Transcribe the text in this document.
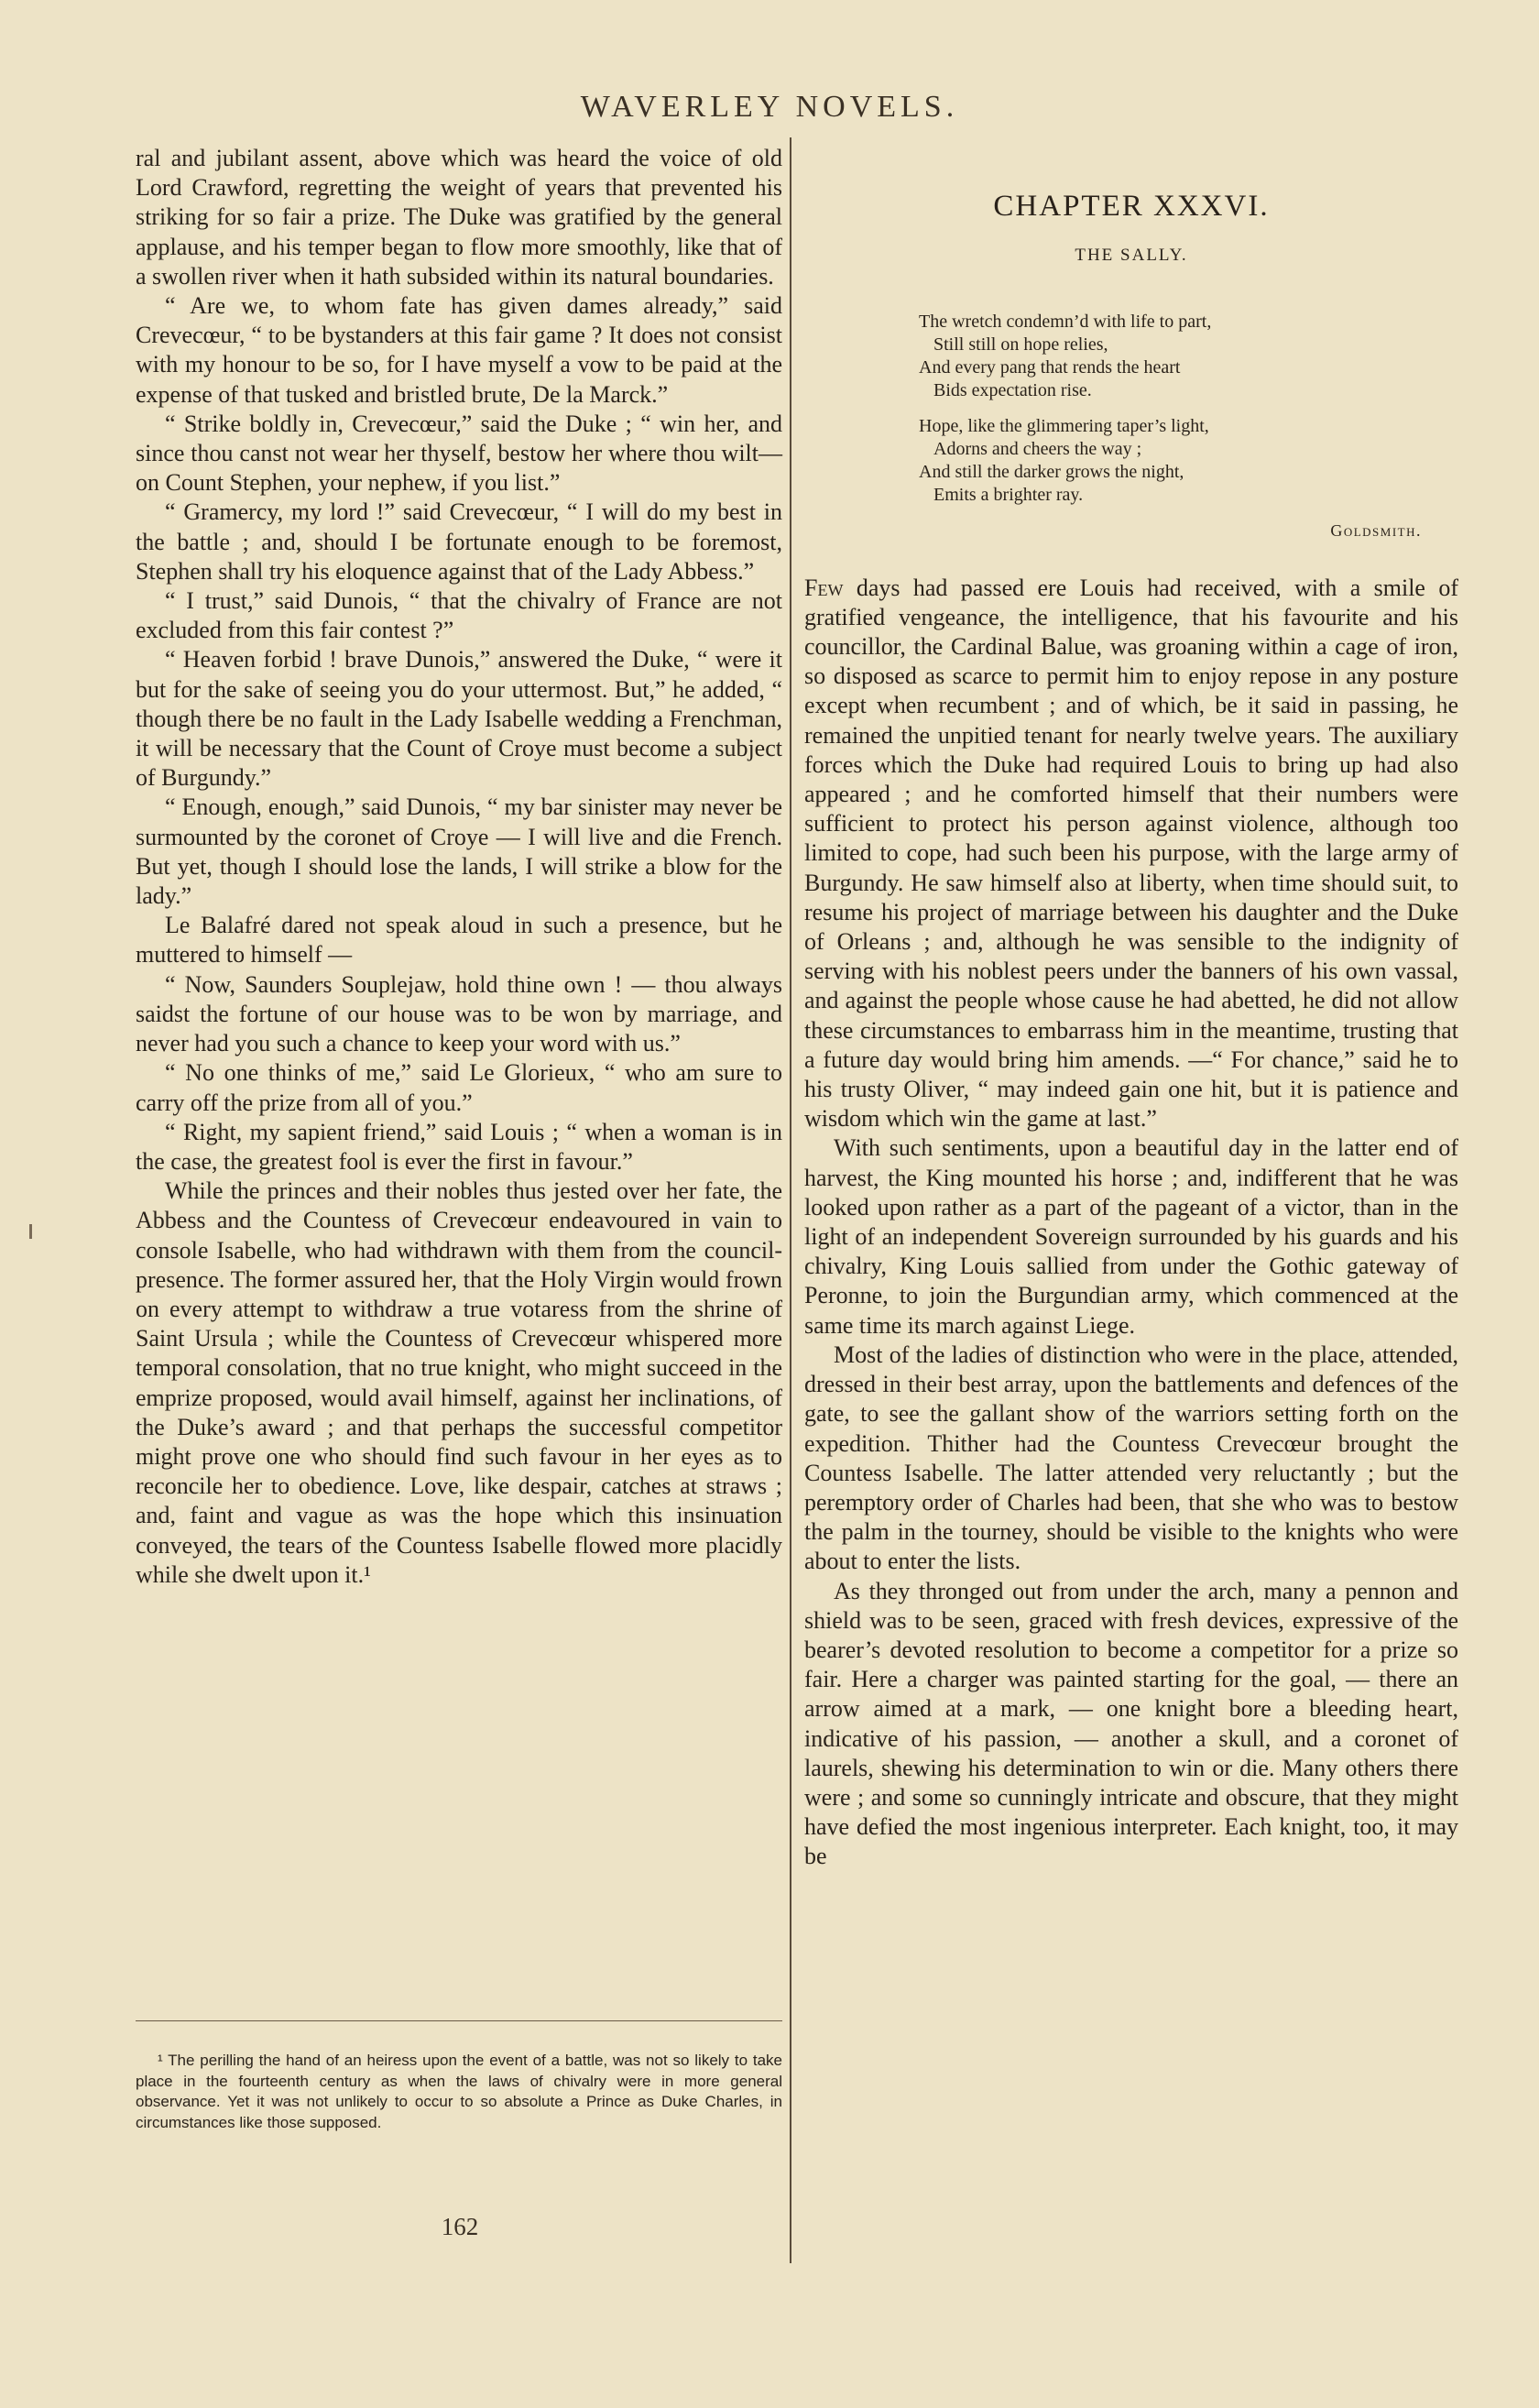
WAVERLEY NOVELS.

ral and jubilant assent, above which was heard the voice of old Lord Crawford, regretting the weight of years that prevented his striking for so fair a prize. The Duke was gratified by the general applause, and his temper began to flow more smoothly, like that of a swollen river when it hath subsided within its natural boundaries.

“ Are we, to whom fate has given dames already,” said Crevecœur, “ to be bystanders at this fair game ? It does not consist with my honour to be so, for I have myself a vow to be paid at the expense of that tusked and bristled brute, De la Marck.”

“ Strike boldly in, Crevecœur,” said the Duke ; “ win her, and since thou canst not wear her thyself, bestow her where thou wilt—on Count Stephen, your nephew, if you list.”

“ Gramercy, my lord !” said Crevecœur, “ I will do my best in the battle ; and, should I be fortunate enough to be foremost, Stephen shall try his eloquence against that of the Lady Abbess.”

“ I trust,” said Dunois, “ that the chivalry of France are not excluded from this fair contest ?”

“ Heaven forbid ! brave Dunois,” answered the Duke, “ were it but for the sake of seeing you do your uttermost. But,” he added, “ though there be no fault in the Lady Isabelle wedding a Frenchman, it will be necessary that the Count of Croye must become a subject of Burgundy.”

“ Enough, enough,” said Dunois, “ my bar sinister may never be surmounted by the coronet of Croye — I will live and die French. But yet, though I should lose the lands, I will strike a blow for the lady.”

Le Balafré dared not speak aloud in such a presence, but he muttered to himself —

“ Now, Saunders Souplejaw, hold thine own ! — thou always saidst the fortune of our house was to be won by marriage, and never had you such a chance to keep your word with us.”

“ No one thinks of me,” said Le Glorieux, “ who am sure to carry off the prize from all of you.”

“ Right, my sapient friend,” said Louis ; “ when a woman is in the case, the greatest fool is ever the first in favour.”

While the princes and their nobles thus jested over her fate, the Abbess and the Countess of Crevecœur endeavoured in vain to console Isabelle, who had withdrawn with them from the council-presence. The former assured her, that the Holy Virgin would frown on every attempt to withdraw a true votaress from the shrine of Saint Ursula ; while the Countess of Crevecœur whispered more temporal consolation, that no true knight, who might succeed in the emprize proposed, would avail himself, against her inclinations, of the Duke’s award ; and that perhaps the successful competitor might prove one who should find such favour in her eyes as to reconcile her to obedience. Love, like despair, catches at straws ; and, faint and vague as was the hope which this insinuation conveyed, the tears of the Countess Isabelle flowed more placidly while she dwelt upon it.¹

¹ The perilling the hand of an heiress upon the event of a battle, was not so likely to take place in the fourteenth century as when the laws of chivalry were in more general observance. Yet it was not unlikely to occur to so absolute a Prince as Duke Charles, in circumstances like those supposed.

CHAPTER XXXVI.
THE SALLY.
The wretch condemn’d with life to part,
Still still on hope relies,
And every pang that rends the heart
Bids expectation rise.
Hope, like the glimmering taper’s light,
Adorns and cheers the way ;
And still the darker grows the night,
Emits a brighter ray.
Goldsmith.

Few days had passed ere Louis had received, with a smile of gratified vengeance, the intelligence, that his favourite and his councillor, the Cardinal Balue, was groaning within a cage of iron, so disposed as scarce to permit him to enjoy repose in any posture except when recumbent ; and of which, be it said in passing, he remained the unpitied tenant for nearly twelve years. The auxiliary forces which the Duke had required Louis to bring up had also appeared ; and he comforted himself that their numbers were sufficient to protect his person against violence, although too limited to cope, had such been his purpose, with the large army of Burgundy. He saw himself also at liberty, when time should suit, to resume his project of marriage between his daughter and the Duke of Orleans ; and, although he was sensible to the indignity of serving with his noblest peers under the banners of his own vassal, and against the people whose cause he had abetted, he did not allow these circumstances to embarrass him in the meantime, trusting that a future day would bring him amends. —“ For chance,” said he to his trusty Oliver, “ may indeed gain one hit, but it is patience and wisdom which win the game at last.”

With such sentiments, upon a beautiful day in the latter end of harvest, the King mounted his horse ; and, indifferent that he was looked upon rather as a part of the pageant of a victor, than in the light of an independent Sovereign surrounded by his guards and his chivalry, King Louis sallied from under the Gothic gateway of Peronne, to join the Burgundian army, which commenced at the same time its march against Liege.

Most of the ladies of distinction who were in the place, attended, dressed in their best array, upon the battlements and defences of the gate, to see the gallant show of the warriors setting forth on the expedition. Thither had the Countess Crevecœur brought the Countess Isabelle. The latter attended very reluctantly ; but the peremptory order of Charles had been, that she who was to bestow the palm in the tourney, should be visible to the knights who were about to enter the lists.

As they thronged out from under the arch, many a pennon and shield was to be seen, graced with fresh devices, expressive of the bearer’s devoted resolution to become a competitor for a prize so fair. Here a charger was painted starting for the goal, — there an arrow aimed at a mark, — one knight bore a bleeding heart, indicative of his passion, — another a skull, and a coronet of laurels, shewing his determination to win or die. Many others there were ; and some so cunningly intricate and obscure, that they might have defied the most ingenious interpreter. Each knight, too, it may be

162
